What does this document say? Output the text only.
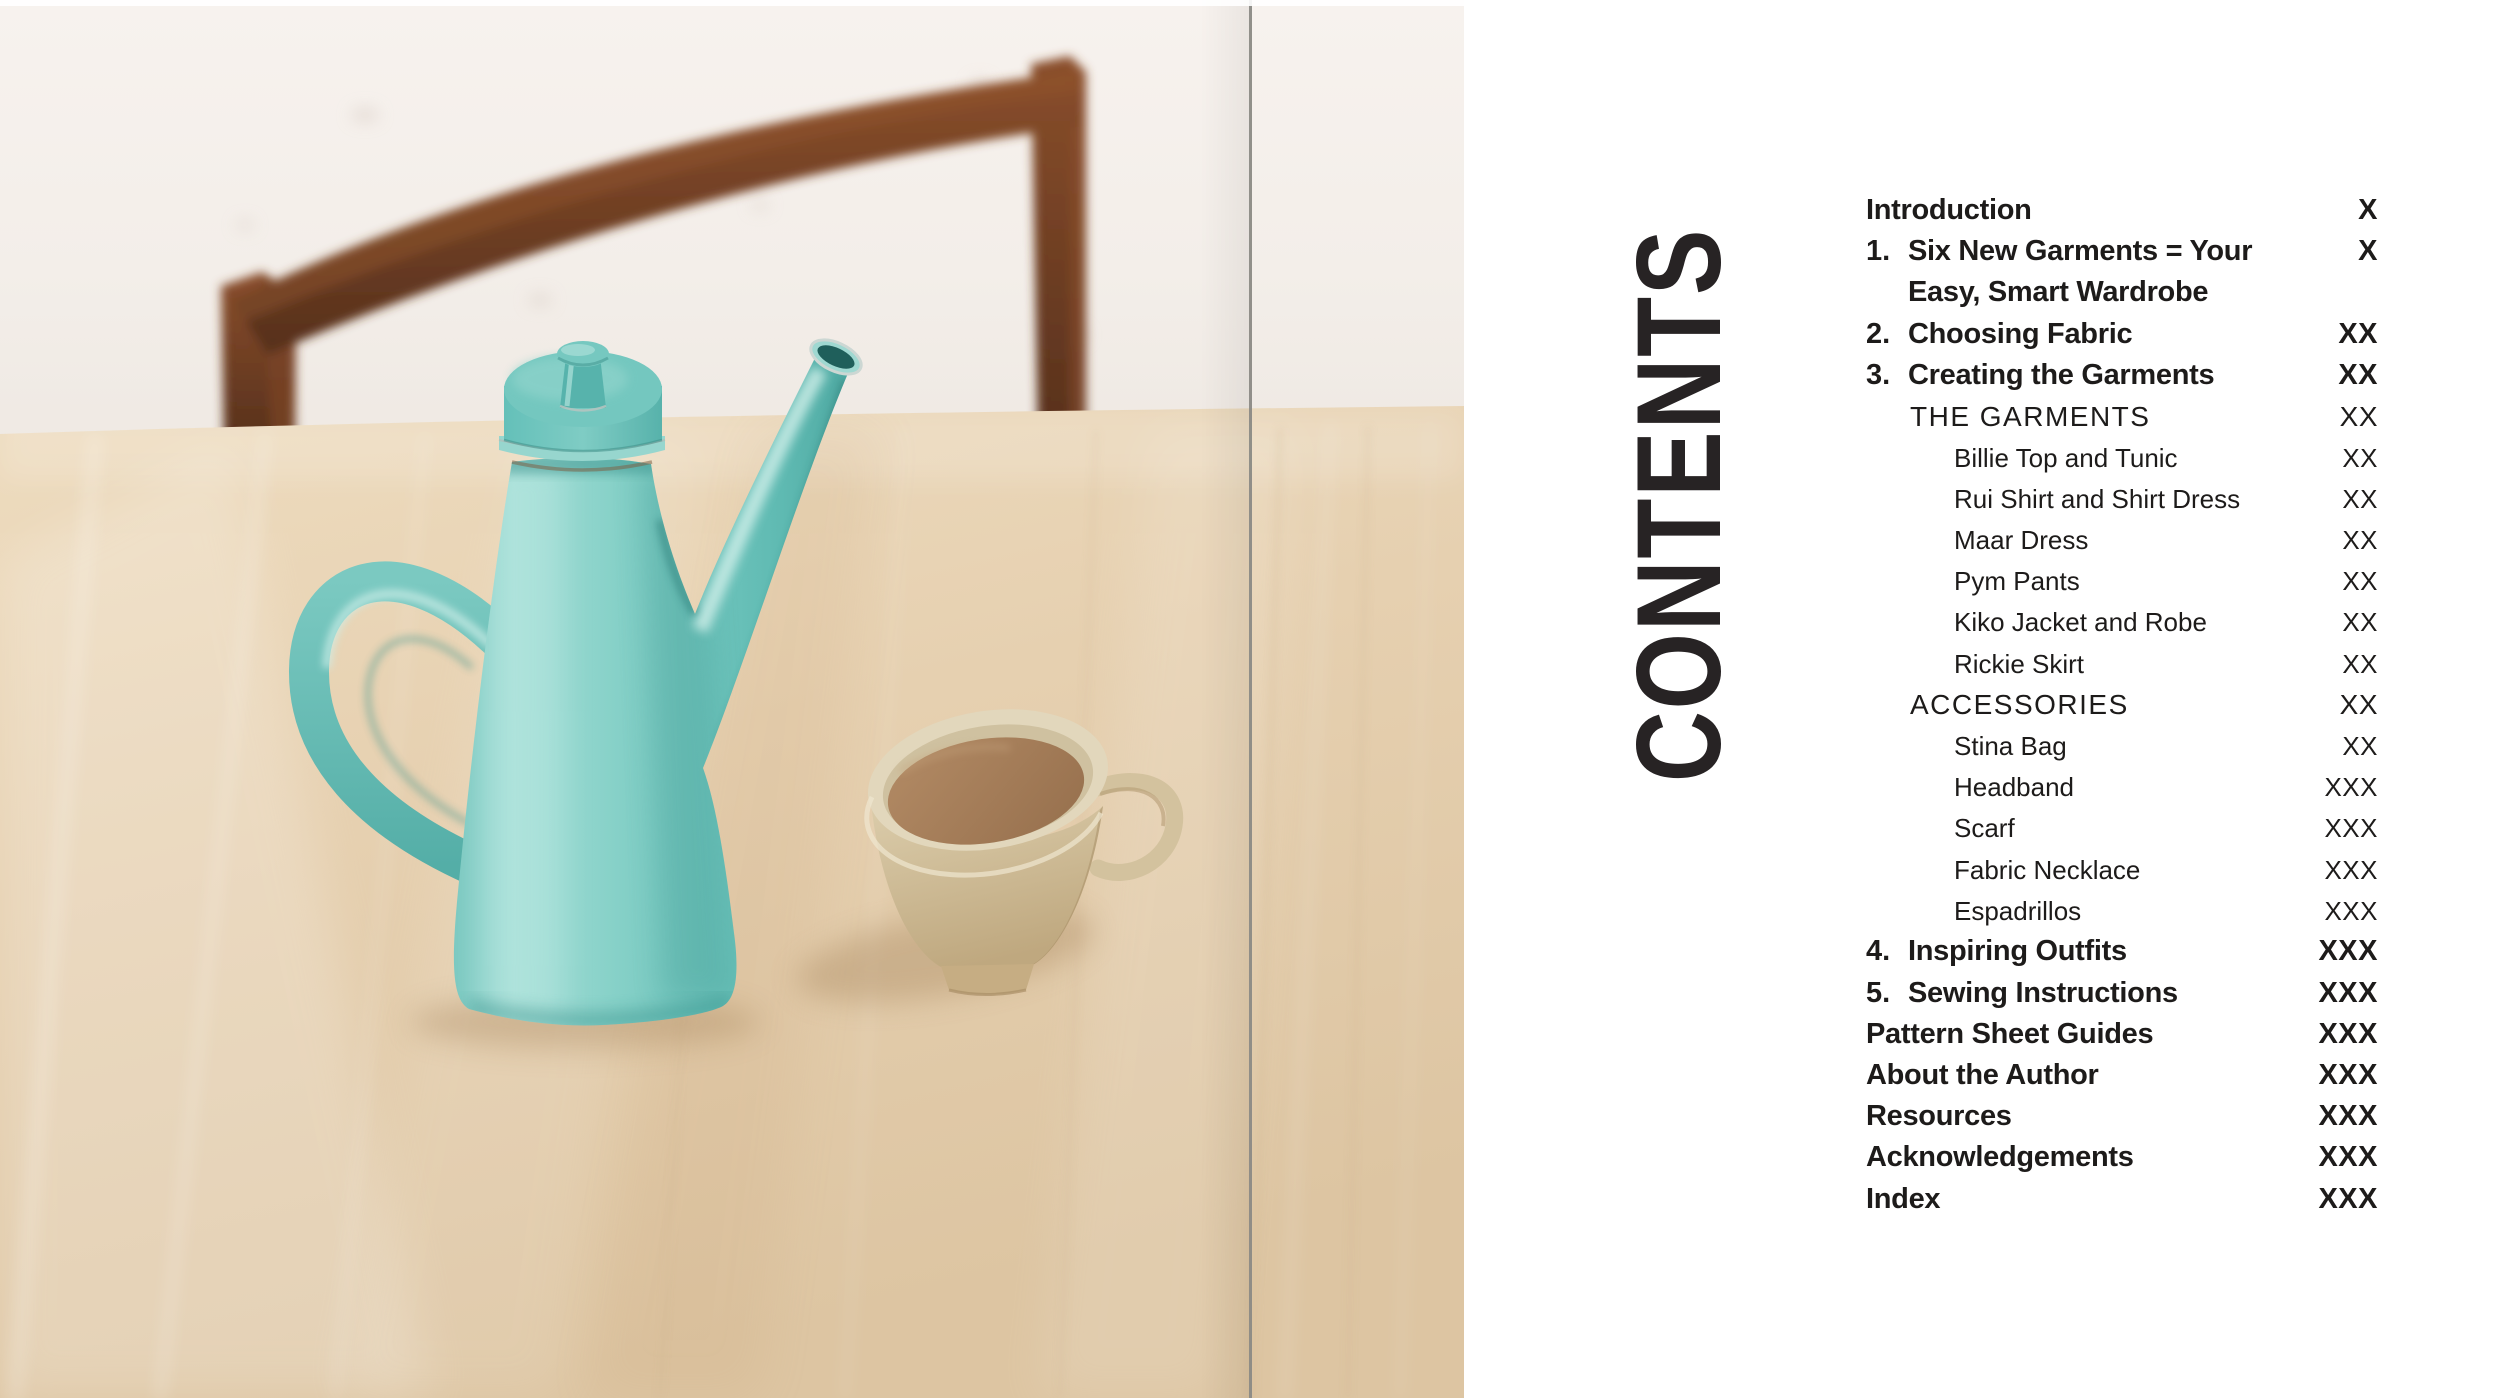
CONTENTS
Introduction	X
1. Six New Garments = Your	X
Easy, Smart Wardrobe
2. Choosing Fabric	XX
3. Creating the Garments	XX
THE GARMENTS	XX
Billie Top and Tunic	XX
Rui Shirt and Shirt Dress	XX
Maar Dress	XX
Pym Pants	XX
Kiko Jacket and Robe	XX
Rickie Skirt	XX
ACCESSORIES	XX
Stina Bag	XX
Headband	XXX
Scarf	XXX
Fabric Necklace	XXX
Espadrillos	XXX
4. Inspiring Outfits	XXX
5. Sewing Instructions	XXX
Pattern Sheet Guides	XXX
About the Author	XXX
Resources	XXX
Acknowledgements	XXX
Index	XXX
